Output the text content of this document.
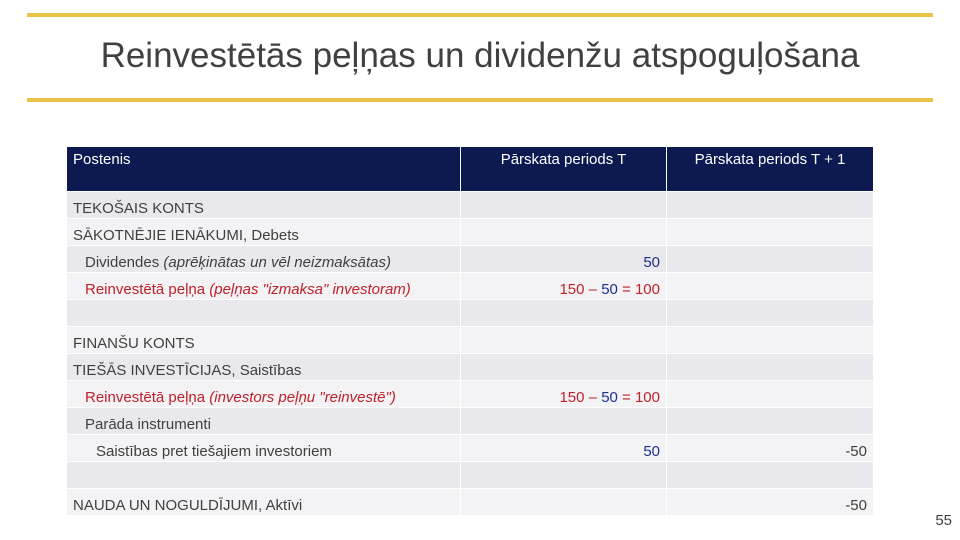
Reinvestētās peļņas un dividenžu atspoguļošana
Postenis	Pārskata periods T	Pārskata periods T + 1
TEKOŠAIS KONTS		
SĀKOTNĒJIE IENĀKUMI, Debets		
Dividendes (aprēķinātas un vēl neizmaksātas)	50	
Reinvestētā peļņa (peļņas "izmaksa" investoram)	150 – 50 = 100	

FINANŠU KONTS		
TIEŠĀS INVESTĪCIJAS, Saistības		
Reinvestētā peļņa (investors peļņu "reinvestē")	150 – 50 = 100	
Parāda instrumenti		
Saistības pret tiešajiem investoriem	50	-50

NAUDA UN NOGULDĪJUMI, Aktīvi		-50
55
